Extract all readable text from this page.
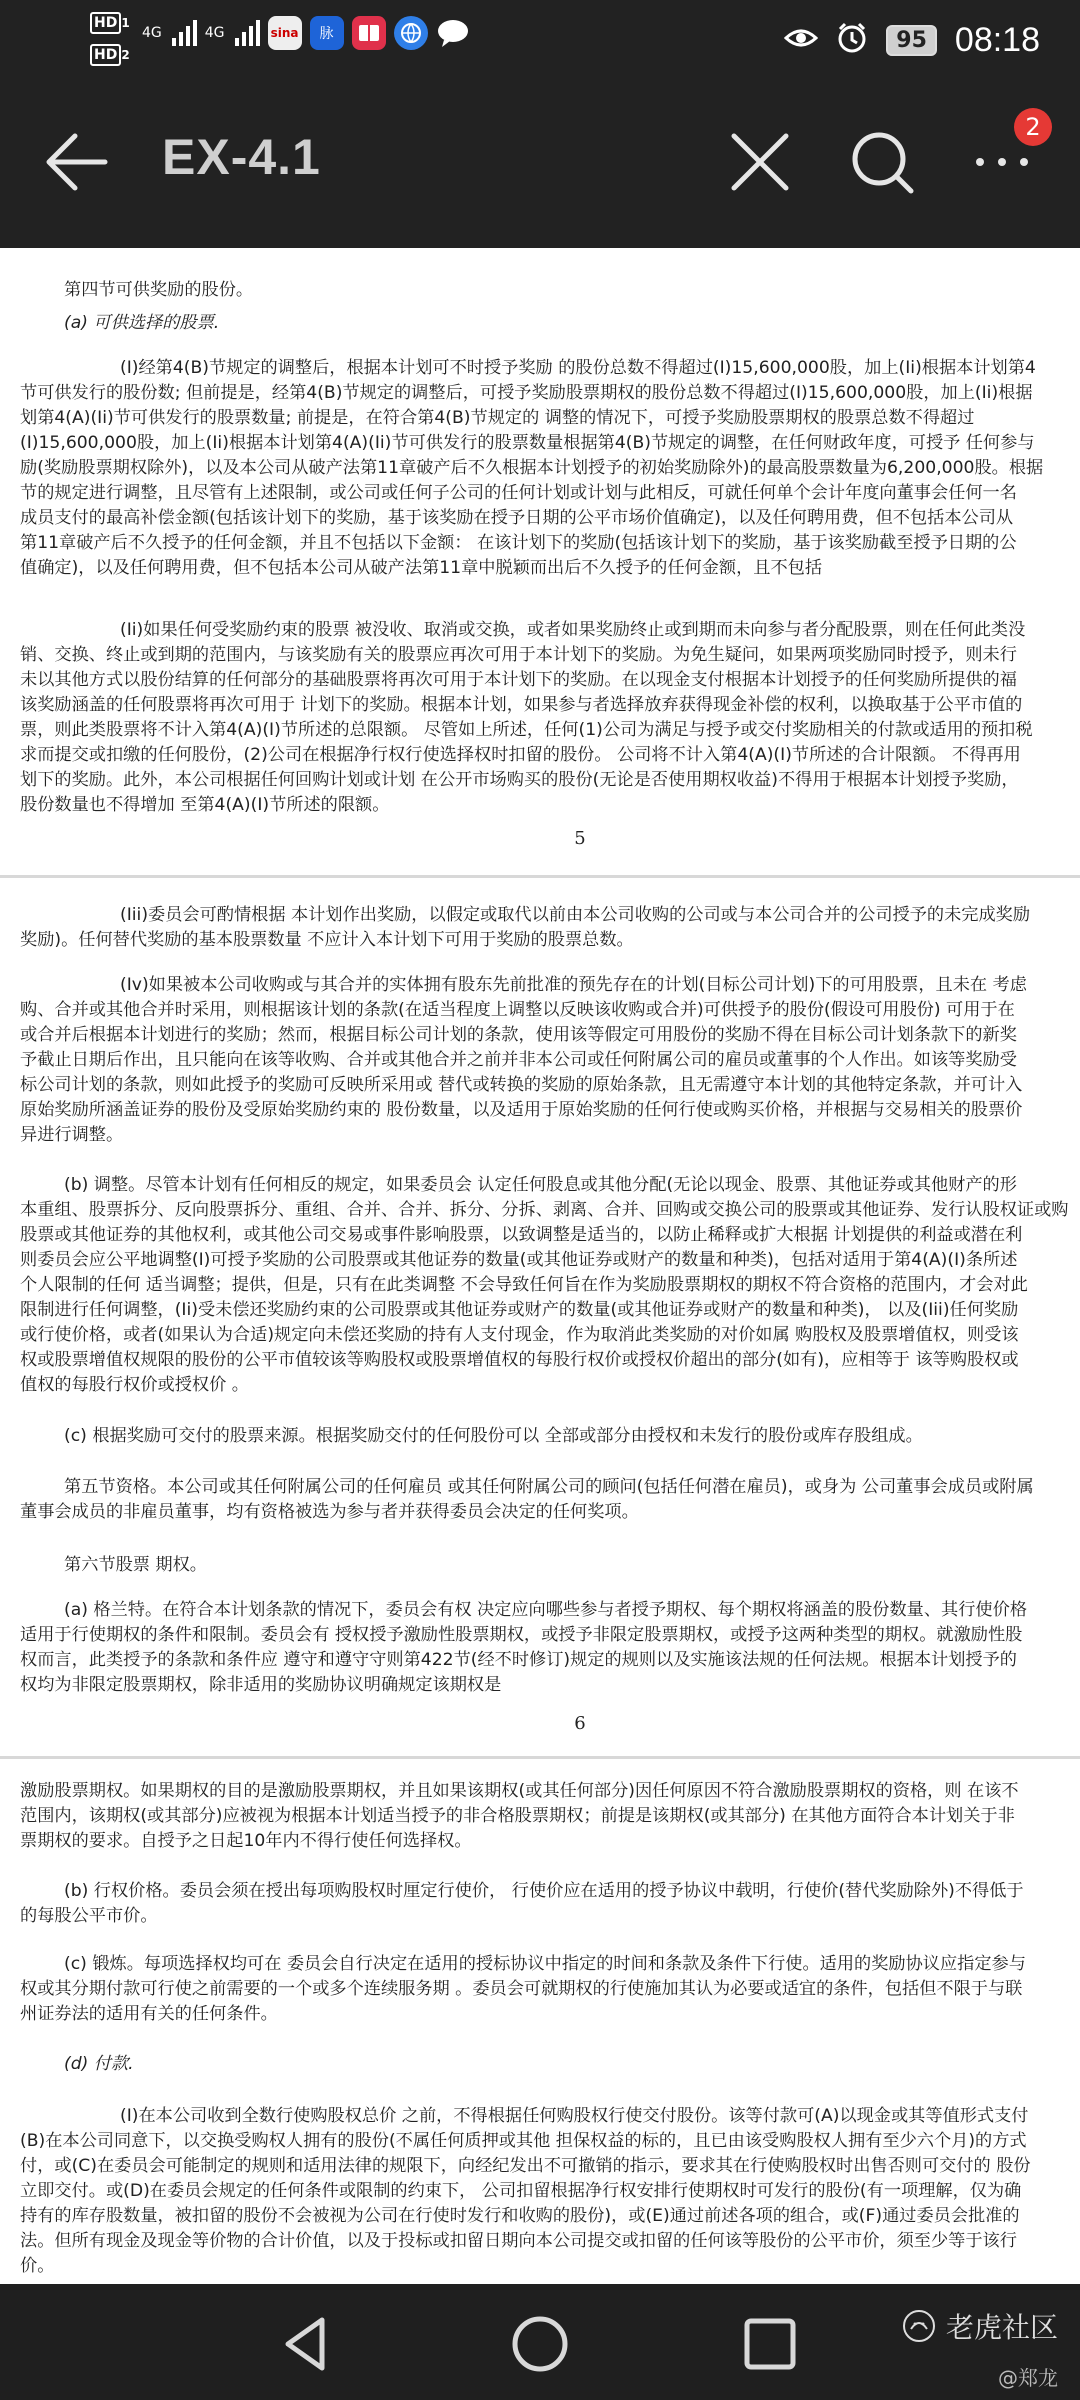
HD 1
HD 2
4G	4G	sina 脉	95 08:18
EX-4.1
2
第四节可供奖励的股份。
(a) 可供选择的股票.
(I)经第4(B)节规定的调整后，根据本计划可不时授予奖励 的股份总数不得超过(I)15,600,000股，加上(Ii)根据本计划第4
节可供发行的股份数; 但前提是，经第4(B)节规定的调整后，可授予奖励股票期权的股份总数不得超过(I)15,600,000股，加上(Ii)根据
划第4(A)(Ii)节可供发行的股票数量; 前提是，在符合第4(B)节规定的 调整的情况下，可授予奖励股票期权的股票总数不得超过
(I)15,600,000股，加上(Ii)根据本计划第4(A)(Ii)节可供发行的股票数量根据第4(B)节规定的调整，在任何财政年度，可授予 任何参与
励(奖励股票期权除外)，以及本公司从破产法第11章破产后不久根据本计划授予的初始奖励除外)的最高股票数量为6,200,000股。根据
节的规定进行调整，且尽管有上述限制，或公司或任何子公司的任何计划或计划与此相反，可就任何单个会计年度向董事会任何一名
成员支付的最高补偿金额(包括该计划下的奖励，基于该奖励在授予日期的公平市场价值确定)，以及任何聘用费，但不包括本公司从
第11章破产后不久授予的任何金额，并且不包括以下金额： 在该计划下的奖励(包括该计划下的奖励，基于该奖励截至授予日期的公
值确定)，以及任何聘用费，但不包括本公司从破产法第11章中脱颖而出后不久授予的任何金额，且不包括
(Ii)如果任何受奖励约束的股票 被没收、取消或交换，或者如果奖励终止或到期而未向参与者分配股票，则在任何此类没
销、交换、终止或到期的范围内，与该奖励有关的股票应再次可用于本计划下的奖励。为免生疑问，如果两项奖励同时授予，则未行
未以其他方式以股份结算的任何部分的基础股票将再次可用于本计划下的奖励。在以现金支付根据本计划授予的任何奖励所提供的福
该奖励涵盖的任何股票将再次可用于 计划下的奖励。根据本计划，如果参与者选择放弃获得现金补偿的权利，以换取基于公平市值的
票，则此类股票将不计入第4(A)(I)节所述的总限额。 尽管如上所述，任何(1)公司为满足与授予或交付奖励相关的付款或适用的预扣税
求而提交或扣缴的任何股份，(2)公司在根据净行权行使选择权时扣留的股份。 公司将不计入第4(A)(I)节所述的合计限额。 不得再用
划下的奖励。此外，本公司根据任何回购计划或计划 在公开市场购买的股份(无论是否使用期权收益)不得用于根据本计划授予奖励，
股份数量也不得增加 至第4(A)(I)节所述的限额。
5
(Iii)委员会可酌情根据 本计划作出奖励，以假定或取代以前由本公司收购的公司或与本公司合并的公司授予的未完成奖励
奖励)。任何替代奖励的基本股票数量 不应计入本计划下可用于奖励的股票总数。
(Iv)如果被本公司收购或与其合并的实体拥有股东先前批准的预先存在的计划(目标公司计划)下的可用股票，且未在 考虑
购、合并或其他合并时采用，则根据该计划的条款(在适当程度上调整以反映该收购或合并)可供授予的股份(假设可用股份) 可用于在
或合并后根据本计划进行的奖励；然而，根据目标公司计划的条款，使用该等假定可用股份的奖励不得在目标公司计划条款下的新奖
予截止日期后作出，且只能向在该等收购、合并或其他合并之前并非本公司或任何附属公司的雇员或董事的个人作出。如该等奖励受
标公司计划的条款，则如此授予的奖励可反映所采用或 替代或转换的奖励的原始条款，且无需遵守本计划的其他特定条款，并可计入
原始奖励所涵盖证券的股份及受原始奖励约束的 股份数量，以及适用于原始奖励的任何行使或购买价格，并根据与交易相关的股票价
异进行调整。
(b) 调整。尽管本计划有任何相反的规定，如果委员会 认定任何股息或其他分配(无论以现金、股票、其他证券或其他财产的形
本重组、股票拆分、反向股票拆分、重组、合并、合并、拆分、分拆、剥离、合并、回购或交换公司的股票或其他证券、发行认股权证或购
股票或其他证券的其他权利，或其他公司交易或事件影响股票，以致调整是适当的，以防止稀释或扩大根据 计划提供的利益或潜在利
则委员会应公平地调整(I)可授予奖励的公司股票或其他证券的数量(或其他证券或财产的数量和种类)，包括对适用于第4(A)(I)条所述
个人限制的任何 适当调整；提供，但是，只有在此类调整 不会导致任何旨在作为奖励股票期权的期权不符合资格的范围内，才会对此
限制进行任何调整，(Ii)受未偿还奖励约束的公司股票或其他证券或财产的数量(或其他证券或财产的数量和种类)， 以及(Iii)任何奖励
或行使价格，或者(如果认为合适)规定向未偿还奖励的持有人支付现金，作为取消此类奖励的对价如属 购股权及股票增值权，则受该
权或股票增值权规限的股份的公平市值较该等购股权或股票增值权的每股行权价或授权价超出的部分(如有)，应相等于 该等购股权或
值权的每股行权价或授权价 。
(c) 根据奖励可交付的股票来源。根据奖励交付的任何股份可以 全部或部分由授权和未发行的股份或库存股组成。
第五节资格。本公司或其任何附属公司的任何雇员 或其任何附属公司的顾问(包括任何潜在雇员)，或身为 公司董事会成员或附属
董事会成员的非雇员董事，均有资格被选为参与者并获得委员会决定的任何奖项。
第六节股票 期权。
(a) 格兰特。在符合本计划条款的情况下，委员会有权 决定应向哪些参与者授予期权、每个期权将涵盖的股份数量、其行使价格
适用于行使期权的条件和限制。委员会有 授权授予激励性股票期权，或授予非限定股票期权，或授予这两种类型的期权。就激励性股
权而言，此类授予的条款和条件应 遵守和遵守守则第422节(经不时修订)规定的规则以及实施该法规的任何法规。根据本计划授予的
权均为非限定股票期权，除非适用的奖励协议明确规定该期权是
6
激励股票期权。如果期权的目的是激励股票期权，并且如果该期权(或其任何部分)因任何原因不符合激励股票期权的资格，则 在该不
范围内，该期权(或其部分)应被视为根据本计划适当授予的非合格股票期权；前提是该期权(或其部分) 在其他方面符合本计划关于非
票期权的要求。自授予之日起10年内不得行使任何选择权。
(b) 行权价格。委员会须在授出每项购股权时厘定行使价， 行使价应在适用的授予协议中载明，行使价(替代奖励除外)不得低于
的每股公平市价。
(c) 锻炼。每项选择权均可在 委员会自行决定在适用的授标协议中指定的时间和条款及条件下行使。适用的奖励协议应指定参与
权或其分期付款可行使之前需要的一个或多个连续服务期 。委员会可就期权的行使施加其认为必要或适宜的条件，包括但不限于与联
州证券法的适用有关的任何条件。
(d) 付款.
(I)在本公司收到全数行使购股权总价 之前，不得根据任何购股权行使交付股份。该等付款可(A)以现金或其等值形式支付
(B)在本公司同意下，以交换受购权人拥有的股份(不属任何质押或其他 担保权益的标的，且已由该受购股权人拥有至少六个月)的方式
付，或(C)在委员会可能制定的规则和适用法律的规限下，向经纪发出不可撤销的指示，要求其在行使购股权时出售否则可交付的 股份
立即交付。或(D)在委员会规定的任何条件或限制的约束下， 公司扣留根据净行权安排行使期权时可发行的股份(有一项理解，仅为确
持有的库存股数量，被扣留的股份不会被视为公司在行使时发行和收购的股份)，或(E)通过前述各项的组合，或(F)通过委员会批准的
法。但所有现金及现金等价物的合计价值，以及于投标或扣留日期向本公司提交或扣留的任何该等股份的公平市价，须至少等于该行
价。
老虎社区
@郑龙
